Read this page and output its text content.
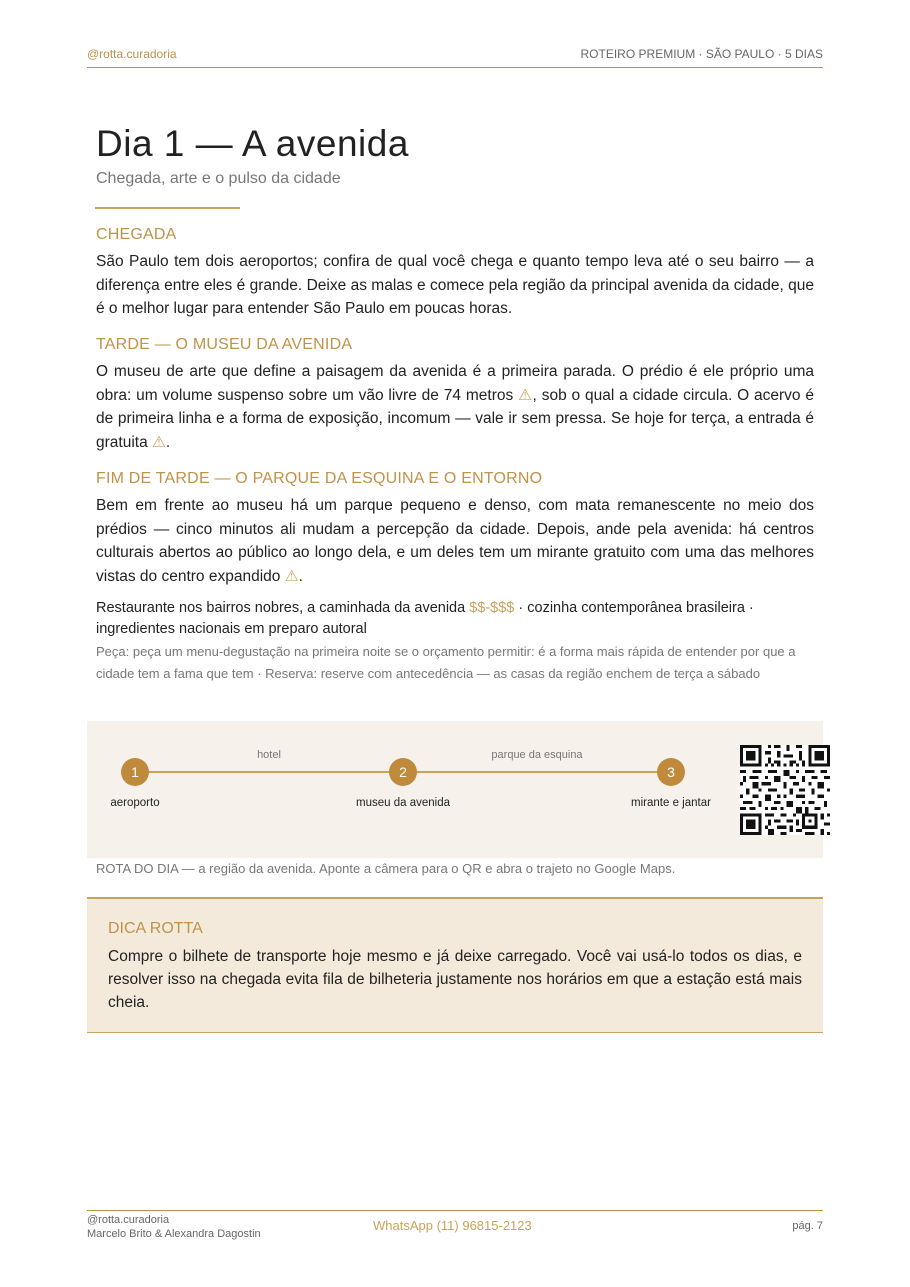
@rotta.curadoria	ROTEIRO PREMIUM · SÃO PAULO · 5 DIAS
Dia 1 — A avenida
Chegada, arte e o pulso da cidade
CHEGADA

São Paulo tem dois aeroportos; confira de qual você chega e quanto tempo leva até o seu bairro — a diferença entre eles é grande. Deixe as malas e comece pela região da principal avenida da cidade, que é o melhor lugar para entender São Paulo em poucas horas.

TARDE — O MUSEU DA AVENIDA

O museu de arte que define a paisagem da avenida é a primeira parada. O prédio é ele próprio uma obra: um volume suspenso sobre um vão livre de 74 metros ⚠, sob o qual a cidade circula. O acervo é de primeira linha e a forma de exposição, incomum — vale ir sem pressa. Se hoje for terça, a entrada é gratuita ⚠.

FIM DE TARDE — O PARQUE DA ESQUINA E O ENTORNO

Bem em frente ao museu há um parque pequeno e denso, com mata remanescente no meio dos prédios — cinco minutos ali mudam a percepção da cidade. Depois, ande pela avenida: há centros culturais abertos ao público ao longo dela, e um deles tem um mirante gratuito com uma das melhores vistas do centro expandido ⚠.

Restaurante nos bairros nobres, a caminhada da avenida $$-$$$ · cozinha contemporânea brasileira · ingredientes nacionais em preparo autoral
Peça: peça um menu-degustação na primeira noite se o orçamento permitir: é a forma mais rápida de entender por que a cidade tem a fama que tem · Reserva: reserve com antecedência — as casas da região enchem de terça a sábado
hotel	parque da esquina
1	2	3
aeroporto	museu da avenida	mirante e jantar
ROTA DO DIA — a região da avenida. Aponte a câmera para o QR e abra o trajeto no Google Maps.
DICA ROTTA

Compre o bilhete de transporte hoje mesmo e já deixe carregado. Você vai usá-lo todos os dias, e resolver isso na chegada evita fila de bilheteria justamente nos horários em que a estação está mais cheia.

@rotta.curadoria
Marcelo Brito & Alexandra Dagostin
WhatsApp (11) 96815-2123	pág. 7
